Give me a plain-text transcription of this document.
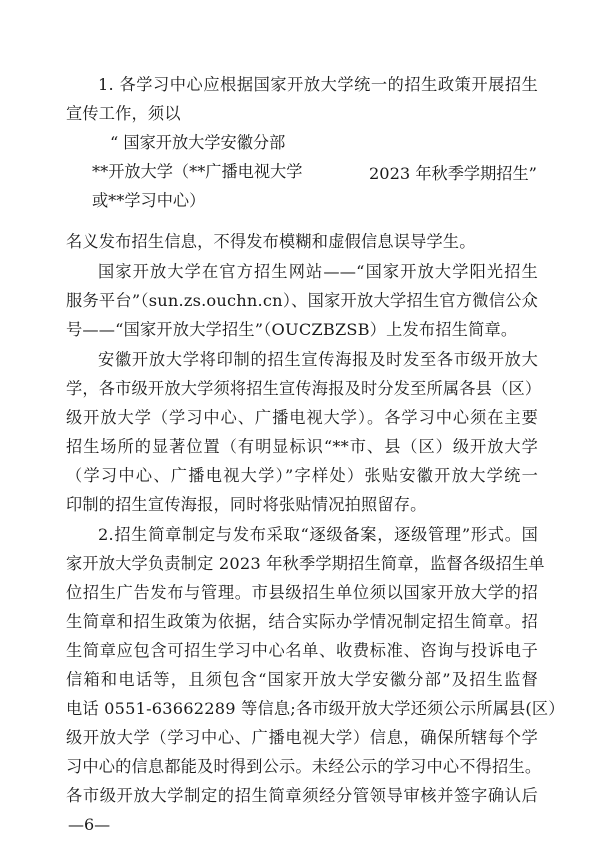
1. 各学习中心应根据国家开放大学统一的招生政策开展招生
宣传工作，须以
“ 国家开放大学安徽分部
**开放大学（**广播电视大学
或**学习中心）
2023 年秋季学期招生”
名义发布招生信息，不得发布模糊和虚假信息误导学生。
国家开放大学在官方招生网站——“国家开放大学阳光招生
服务平台”（sun.zs.ouchn.cn）、国家开放大学招生官方微信公众
号——“国家开放大学招生”（OUCZBZSB）上发布招生简章。
安徽开放大学将印制的招生宣传海报及时发至各市级开放大
学，各市级开放大学须将招生宣传海报及时分发至所属各县（区）
级开放大学（学习中心、广播电视大学）。各学习中心须在主要
招生场所的显著位置（有明显标识“**市、县（区）级开放大学
（学习中心、广播电视大学）”字样处）张贴安徽开放大学统一
印制的招生宣传海报，同时将张贴情况拍照留存。
2.招生简章制定与发布采取“逐级备案，逐级管理”形式。国
家开放大学负责制定 2023 年秋季学期招生简章，监督各级招生单
位招生广告发布与管理。市县级招生单位须以国家开放大学的招
生简章和招生政策为依据，结合实际办学情况制定招生简章。招
生简章应包含可招生学习中心名单、收费标准、咨询与投诉电子
信箱和电话等，且须包含“国家开放大学安徽分部”及招生监督
电话 0551-63662289 等信息;各市级开放大学还须公示所属县(区）
级开放大学（学习中心、广播电视大学）信息，确保所辖每个学
习中心的信息都能及时得到公示。未经公示的学习中心不得招生。
各市级开放大学制定的招生简章须经分管领导审核并签字确认后
—6—
